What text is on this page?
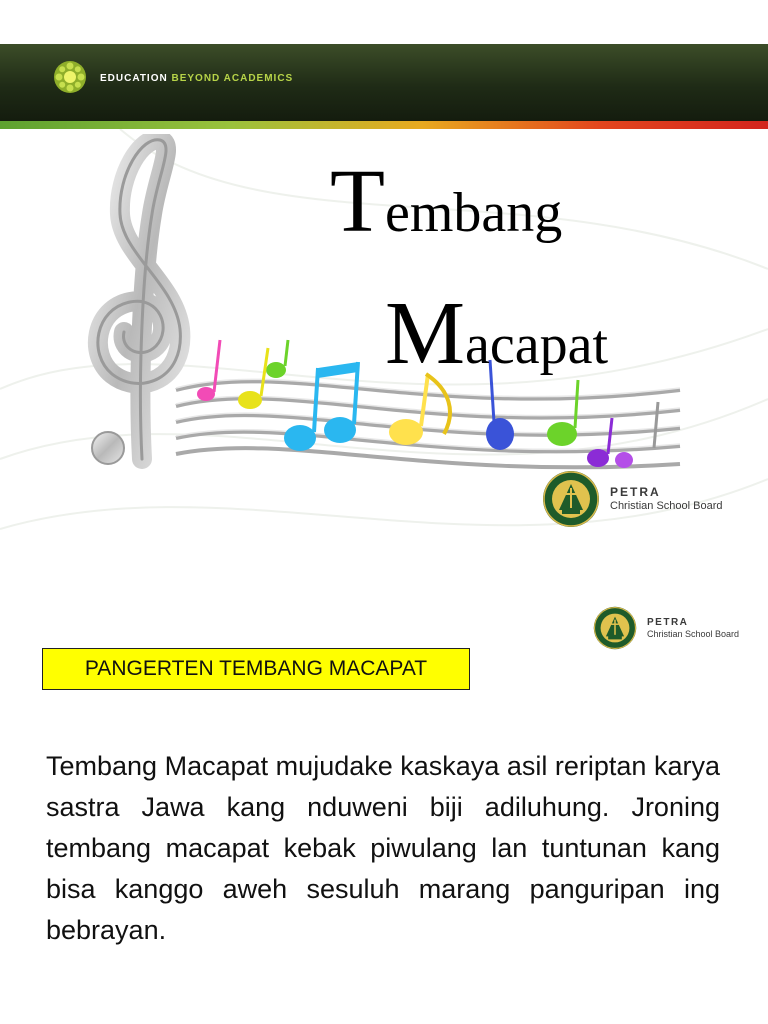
EDUCATION BEYOND ACADEMICS
Tembang
Macapat
PETRA
Christian School Board
PETRA
Christian School Board
PANGERTEN TEMBANG MACAPAT

Tembang Macapat mujudake kaskaya asil reriptan karya sastra Jawa kang nduweni biji adiluhung. Jroning tembang macapat kebak piwulang lan tuntunan kang bisa kanggo aweh sesuluh marang panguripan ing bebrayan.
